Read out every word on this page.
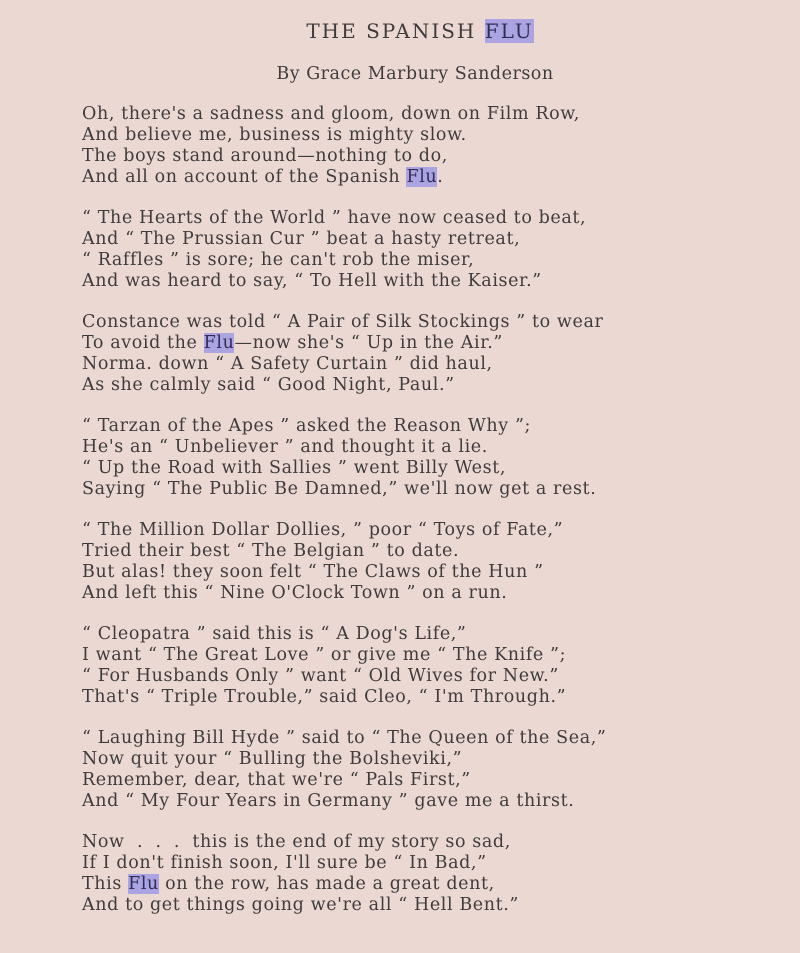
THE SPANISH FLU
By Grace Marbury Sanderson
Oh, there's a sadness and gloom, down on Film Row,
And believe me, business is mighty slow.
The boys stand around—nothing to do,
And all on account of the Spanish Flu.
“ The Hearts of the World ” have now ceased to beat,
And “ The Prussian Cur ” beat a hasty retreat,
“ Raffles ” is sore; he can't rob the miser,
And was heard to say, “ To Hell with the Kaiser.”
Constance was told “ A Pair of Silk Stockings ” to wear
To avoid the Flu—now she's “ Up in the Air.”
Norma. down “ A Safety Curtain ” did haul,
As she calmly said “ Good Night, Paul.”
“ Tarzan of the Apes ” asked the Reason Why ”;
He's an “ Unbeliever ” and thought it a lie.
“ Up the Road with Sallies ” went Billy West,
Saying “ The Public Be Damned,” we'll now get a rest.
“ The Million Dollar Dollies, ” poor “ Toys of Fate,”
Tried their best “ The Belgian ” to date.
But alas! they soon felt “ The Claws of the Hun ”
And left this “ Nine O'Clock Town ” on a run.
“ Cleopatra ” said this is “ A Dog's Life,”
I want “ The Great Love ” or give me “ The Knife ”;
“ For Husbands Only ” want “ Old Wives for New.”
That's “ Triple Trouble,” said Cleo, “ I'm Through.”
“ Laughing Bill Hyde ” said to “ The Queen of the Sea,”
Now quit your “ Bulling the Bolsheviki,”
Remember, dear, that we're “ Pals First,”
And “ My Four Years in Germany ” gave me a thirst.
Now  .  .  .  this is the end of my story so sad,
If I don't finish soon, I'll sure be “ In Bad,”
This Flu on the row, has made a great dent,
And to get things going we're all “ Hell Bent.”
